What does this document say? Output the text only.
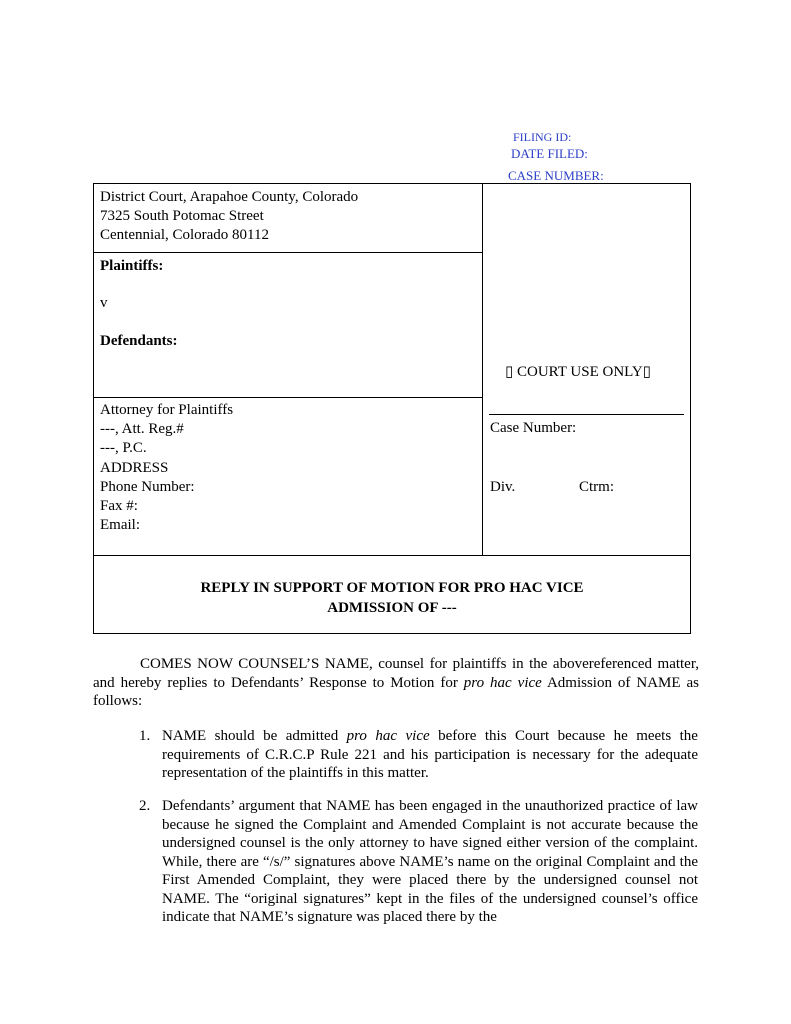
FILING ID:
DATE FILED:
CASE NUMBER:
District Court, Arapahoe County, Colorado
7325 South Potomac Street
Centennial, Colorado 80112
Plaintiffs:
v
Defendants:
Attorney for Plaintiffs
---, Att. Reg.#
---, P.C.
ADDRESS
Phone Number:
Fax #:
Email:
▯ COURT USE ONLY▯
Case Number:
Div.	Ctrm:
REPLY IN SUPPORT OF MOTION FOR PRO HAC VICE
ADMISSION OF ---
COMES NOW COUNSEL’S NAME, counsel for plaintiffs in the abovereferenced matter, and hereby replies to Defendants’ Response to Motion for pro hac vice Admission of NAME as follows:
1. NAME should be admitted pro hac vice before this Court because he meets the requirements of C.R.C.P Rule 221 and his participation is necessary for the adequate representation of the plaintiffs in this matter.
2. Defendants’ argument that NAME has been engaged in the unauthorized practice of law because he signed the Complaint and Amended Complaint is not accurate because the undersigned counsel is the only attorney to have signed either version of the complaint. While, there are “/s/” signatures above NAME’s name on the original Complaint and the First Amended Complaint, they were placed there by the undersigned counsel not NAME. The “original signatures” kept in the files of the undersigned counsel’s office indicate that NAME’s signature was placed there by the
